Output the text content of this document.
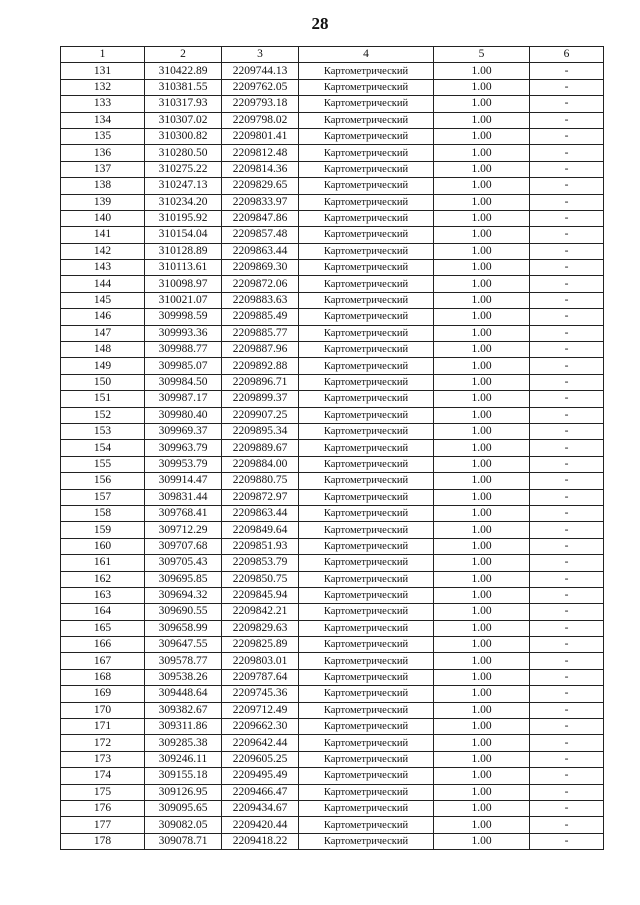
28
1	2	3	4	5	6
131	310422.89	2209744.13	Картометрический	1.00	-
132	310381.55	2209762.05	Картометрический	1.00	-
133	310317.93	2209793.18	Картометрический	1.00	-
134	310307.02	2209798.02	Картометрический	1.00	-
135	310300.82	2209801.41	Картометрический	1.00	-
136	310280.50	2209812.48	Картометрический	1.00	-
137	310275.22	2209814.36	Картометрический	1.00	-
138	310247.13	2209829.65	Картометрический	1.00	-
139	310234.20	2209833.97	Картометрический	1.00	-
140	310195.92	2209847.86	Картометрический	1.00	-
141	310154.04	2209857.48	Картометрический	1.00	-
142	310128.89	2209863.44	Картометрический	1.00	-
143	310113.61	2209869.30	Картометрический	1.00	-
144	310098.97	2209872.06	Картометрический	1.00	-
145	310021.07	2209883.63	Картометрический	1.00	-
146	309998.59	2209885.49	Картометрический	1.00	-
147	309993.36	2209885.77	Картометрический	1.00	-
148	309988.77	2209887.96	Картометрический	1.00	-
149	309985.07	2209892.88	Картометрический	1.00	-
150	309984.50	2209896.71	Картометрический	1.00	-
151	309987.17	2209899.37	Картометрический	1.00	-
152	309980.40	2209907.25	Картометрический	1.00	-
153	309969.37	2209895.34	Картометрический	1.00	-
154	309963.79	2209889.67	Картометрический	1.00	-
155	309953.79	2209884.00	Картометрический	1.00	-
156	309914.47	2209880.75	Картометрический	1.00	-
157	309831.44	2209872.97	Картометрический	1.00	-
158	309768.41	2209863.44	Картометрический	1.00	-
159	309712.29	2209849.64	Картометрический	1.00	-
160	309707.68	2209851.93	Картометрический	1.00	-
161	309705.43	2209853.79	Картометрический	1.00	-
162	309695.85	2209850.75	Картометрический	1.00	-
163	309694.32	2209845.94	Картометрический	1.00	-
164	309690.55	2209842.21	Картометрический	1.00	-
165	309658.99	2209829.63	Картометрический	1.00	-
166	309647.55	2209825.89	Картометрический	1.00	-
167	309578.77	2209803.01	Картометрический	1.00	-
168	309538.26	2209787.64	Картометрический	1.00	-
169	309448.64	2209745.36	Картометрический	1.00	-
170	309382.67	2209712.49	Картометрический	1.00	-
171	309311.86	2209662.30	Картометрический	1.00	-
172	309285.38	2209642.44	Картометрический	1.00	-
173	309246.11	2209605.25	Картометрический	1.00	-
174	309155.18	2209495.49	Картометрический	1.00	-
175	309126.95	2209466.47	Картометрический	1.00	-
176	309095.65	2209434.67	Картометрический	1.00	-
177	309082.05	2209420.44	Картометрический	1.00	-
178	309078.71	2209418.22	Картометрический	1.00	-
